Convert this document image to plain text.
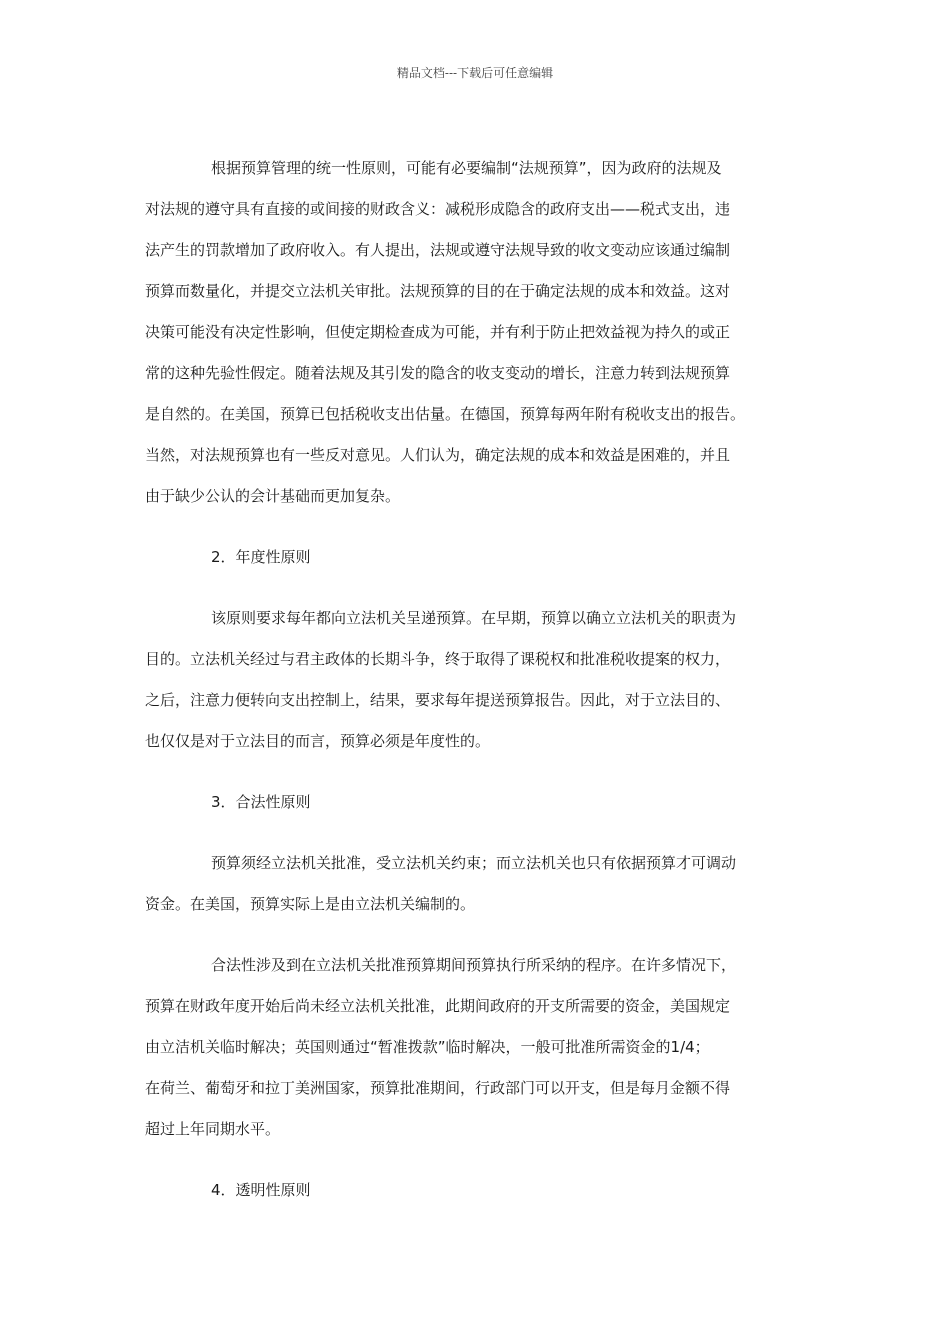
精品文档---下载后可任意编辑
根据预算管理的统一性原则，可能有必要编制“法规预算”，因为政府的法规及
对法规的遵守具有直接的或间接的财政含义：减税形成隐含的政府支出——税式支出，违
法产生的罚款增加了政府收入。有人提出，法规或遵守法规导致的收文变动应该通过编制
预算而数量化，并提交立法机关审批。法规预算的目的在于确定法规的成本和效益。这对
决策可能没有决定性影响，但使定期检查成为可能，并有利于防止把效益视为持久的或正
常的这种先验性假定。随着法规及其引发的隐含的收支变动的增长，注意力转到法规预算
是自然的。在美国，预算已包括税收支出估量。在德国，预算每两年附有税收支出的报告。
当然，对法规预算也有一些反对意见。人们认为，确定法规的成本和效益是困难的，并且
由于缺少公认的会计基础而更加复杂。
2．年度性原则
该原则要求每年都向立法机关呈递预算。在早期，预算以确立立法机关的职责为
目的。立法机关经过与君主政体的长期斗争，终于取得了课税权和批准税收提案的权力，
之后，注意力便转向支出控制上，结果，要求每年提送预算报告。因此，对于立法目的、
也仅仅是对于立法目的而言，预算必须是年度性的。
3．合法性原则
预算须经立法机关批准，受立法机关约束；而立法机关也只有依据预算才可调动
资金。在美国，预算实际上是由立法机关编制的。
合法性涉及到在立法机关批准预算期间预算执行所采纳的程序。在许多情况下，
预算在财政年度开始后尚未经立法机关批准，此期间政府的开支所需要的资金，美国规定
由立洁机关临时解决；英国则通过“暂准拨款”临时解决，一般可批准所需资金的1/4；
在荷兰、葡萄牙和拉丁美洲国家，预算批准期间，行政部门可以开支，但是每月金额不得
超过上年同期水平。
4．透明性原则
